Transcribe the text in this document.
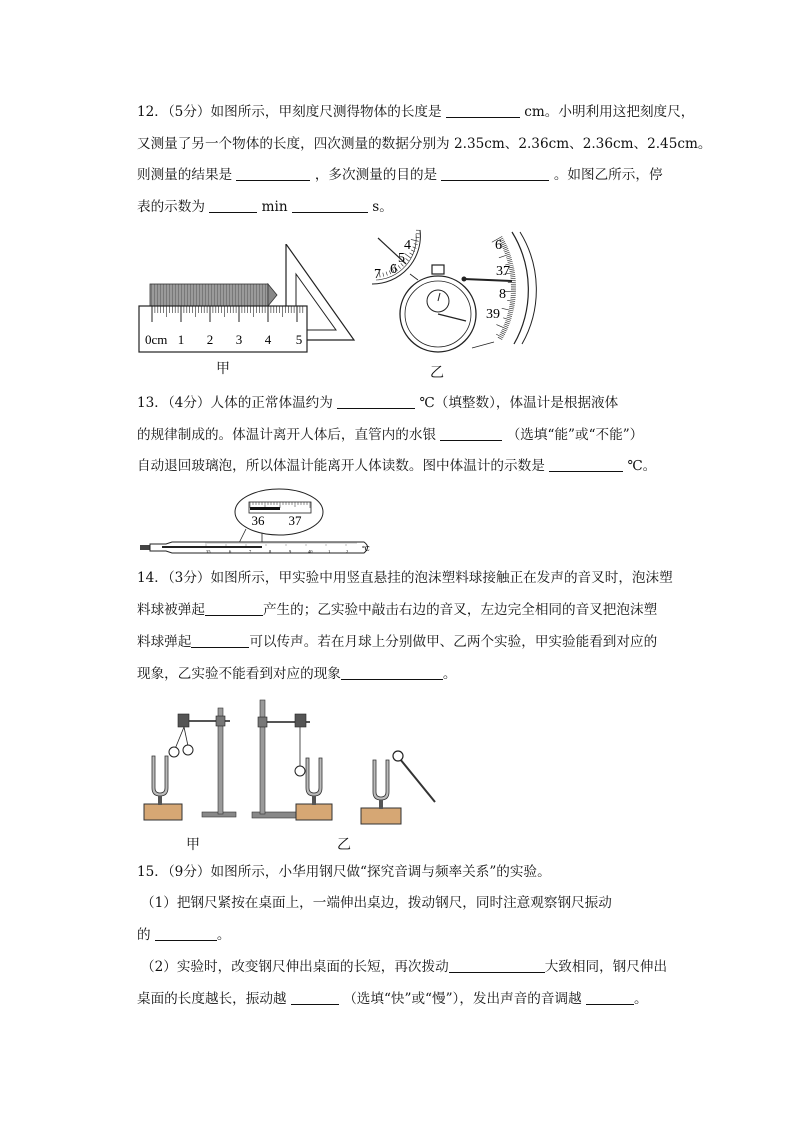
12．（5分）如图所示，甲刻度尺测得物体的长度是	cm。小明利用这把刻度尺，
又测量了另一个物体的长度，四次测量的数据分别为 2.35cm、2.36cm、2.36cm、2.45cm。
则测量的结果是	，多次测量的目的是	。如图乙所示，停
表的示数为	min	s。
0cm 1 2 3 4 5
甲
4
5
6
7
6
37
8
39
乙
13．（4分）人体的正常体温约为	℃（填整数），体温计是根据液体
的规律制成的。体温计离开人体后，直管内的水银	（选填“能”或“不能”）
自动退回玻璃泡，所以体温计能离开人体读数。图中体温计的示数是	℃。
36 37
35	6	7	8	9	40	1	2 ℃
14．（3分）如图所示，甲实验中用竖直悬挂的泡沫塑料球接触正在发声的音叉时，泡沫塑
料球被弹起	产生的；乙实验中敲击右边的音叉，左边完全相同的音叉把泡沫塑
料球弹起	可以传声。若在月球上分别做甲、乙两个实验，甲实验能看到对应的
现象，乙实验不能看到对应的现象	。
甲	乙
15．（9分）如图所示，小华用钢尺做“探究音调与频率关系”的实验。
（1）把钢尺紧按在桌面上，一端伸出桌边，拨动钢尺，同时注意观察钢尺振动
的	。
（2）实验时，改变钢尺伸出桌面的长短，再次拨动	大致相同，钢尺伸出
桌面的长度越长，振动越	（选填“快”或“慢”），发出声音的音调越	。
